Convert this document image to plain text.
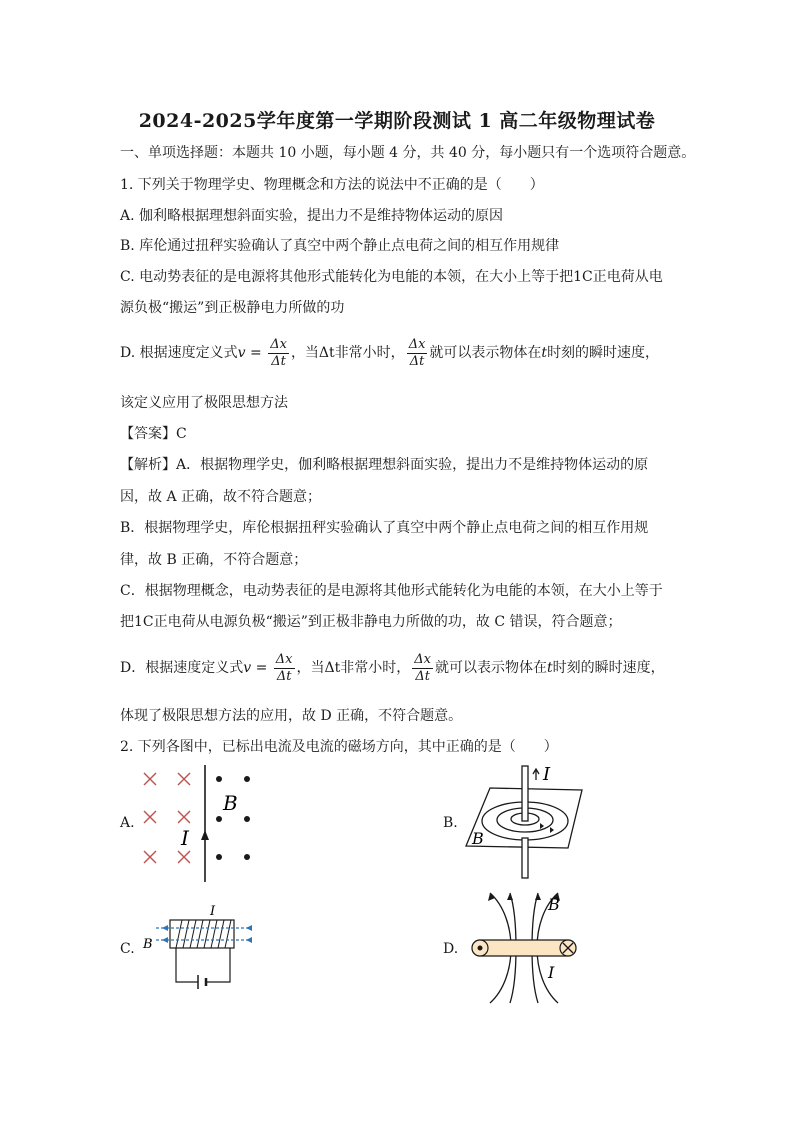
2024-2025学年度第一学期阶段测试 1 高二年级物理试卷
一、单项选择题：本题共 10 小题，每小题 4 分，共 40 分，每小题只有一个选项符合题意。
1. 下列关于物理学史、物理概念和方法的说法中不正确的是（　　）
A. 伽利略根据理想斜面实验，提出力不是维持物体运动的原因
B. 库伦通过扭秤实验确认了真空中两个静止点电荷之间的相互作用规律
C. 电动势表征的是电源将其他形式能转化为电能的本领，在大小上等于把1C正电荷从电
源负极“搬运”到正极静电力所做的功
D. 根据速度定义式$v = \frac{\Delta x}{\Delta t}$ ，当Δt非常小时， $\frac{\Delta x}{\Delta t}$ 就可以表示物体在t时刻的瞬时速度，
该定义应用了极限思想方法
【答案】C
【解析】A．根据物理学史，伽利略根据理想斜面实验，提出力不是维持物体运动的原
因，故 A 正确，故不符合题意；
B．根据物理学史，库伦根据扭秤实验确认了真空中两个静止点电荷之间的相互作用规
律，故 B 正确，不符合题意；
C．根据物理概念，电动势表征的是电源将其他形式能转化为电能的本领，在大小上等于
把1C正电荷从电源负极“搬运”到正极非静电力所做的功，故 C 错误，符合题意；
D．根据速度定义式$v = \frac{\Delta x}{\Delta t}$ ，当Δt非常小时， $\frac{\Delta x}{\Delta t}$ 就可以表示物体在t时刻的瞬时速度，
体现了极限思想方法的应用，故 D 正确，不符合题意。
2. 下列各图中，已标出电流及电流的磁场方向，其中正确的是（　　）
A.
B
I
B.
I
B
C.
I
B	D.
B
I
